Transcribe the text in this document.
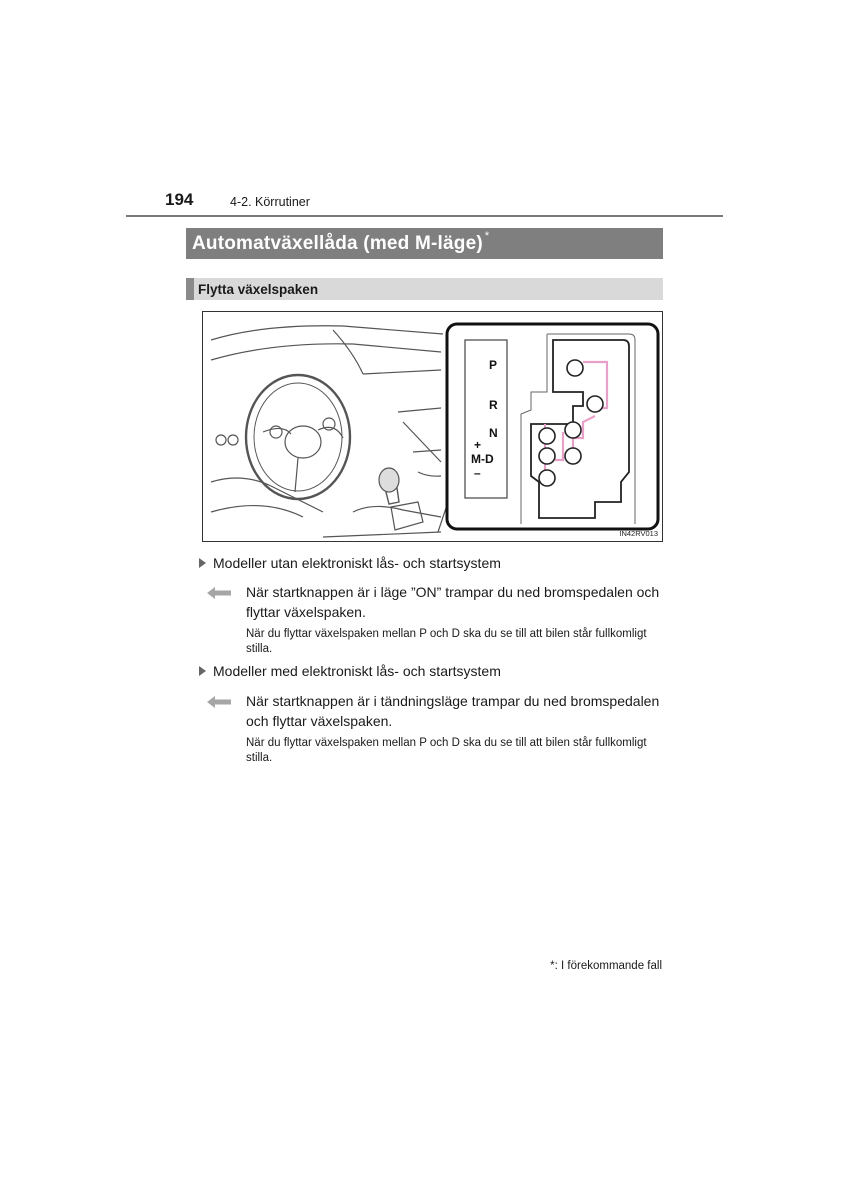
194	4-2. Körrutiner
Automatväxellåda (med M-läge) *
Flytta växelspaken
P
R
N
+
M-D
–
IN42RV013
Modeller utan elektroniskt lås- och startsystem
När startknappen är i läge ”ON” trampar du ned bromspedalen och flyttar växelspaken.
När du flyttar växelspaken mellan P och D ska du se till att bilen står fullkomligt stilla.
Modeller med elektroniskt lås- och startsystem
När startknappen är i tändningsläge trampar du ned bromspedalen och flyttar växelspaken.
När du flyttar växelspaken mellan P och D ska du se till att bilen står fullkomligt stilla.
*: I förekommande fall
